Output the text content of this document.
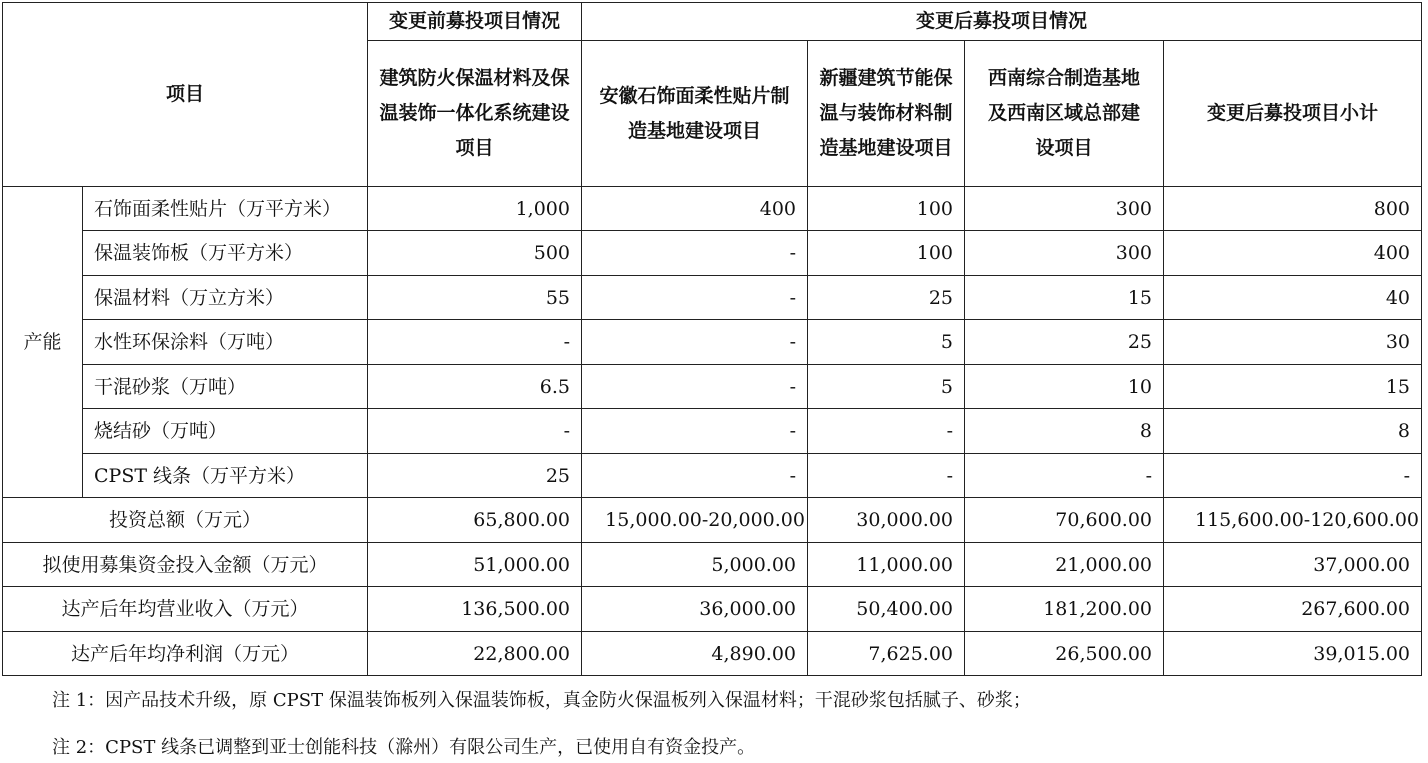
项目		变更前募投项目情况	变更后募投项目情况			
		建筑防火保温材料及保温装饰一体化系统建设项目	安徽石饰面柔性贴片制造基地建设项目	新疆建筑节能保温与装饰材料制造基地建设项目	西南综合制造基地及西南区域总部建设项目	变更后募投项目小计
产能	石饰面柔性贴片（万平方米）	1,000	400	100	300	800
	保温装饰板（万平方米）	500	-	100	300	400
	保温材料（万立方米）	55	-	25	15	40
	水性环保涂料（万吨）	-	-	5	25	30
	干混砂浆（万吨）	6.5	-	5	10	15
	烧结砂（万吨）	-	-	-	8	8
	CPST 线条（万平方米）	25	-	-	-	-
投资总额（万元）		65,800.00	15,000.00-20,000.00	30,000.00	70,600.00	115,600.00-120,600.00
拟使用募集资金投入金额（万元）		51,000.00	5,000.00	11,000.00	21,000.00	37,000.00
达产后年均营业收入（万元）		136,500.00	36,000.00	50,400.00	181,200.00	267,600.00
达产后年均净利润（万元）		22,800.00	4,890.00	7,625.00	26,500.00	39,015.00
注 1：因产品技术升级，原 CPST 保温装饰板列入保温装饰板，真金防火保温板列入保温材料；干混砂浆包括腻子、砂浆；
注 2：CPST 线条已调整到亚士创能科技（滁州）有限公司生产，已使用自有资金投产。
